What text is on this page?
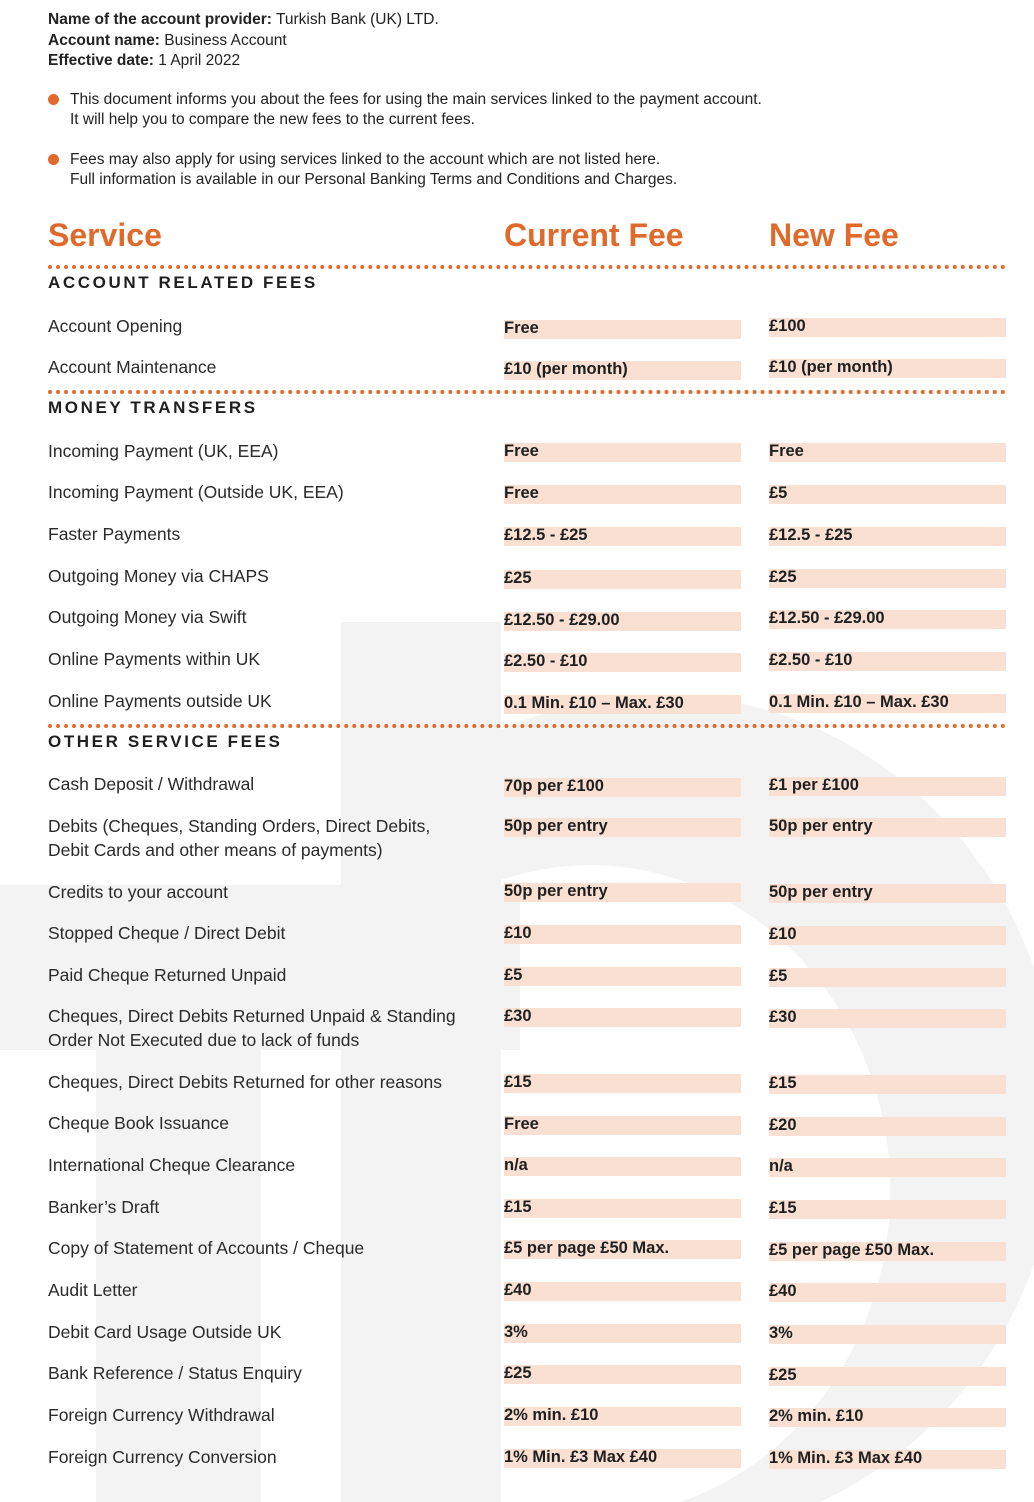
Name of the account provider: Turkish Bank (UK) LTD.
Account name: Business Account
Effective date: 1 April 2022
This document informs you about the fees for using the main services linked to the payment account.
It will help you to compare the new fees to the current fees.
Fees may also apply for using services linked to the account which are not listed here.
Full information is available in our Personal Banking Terms and Conditions and Charges.
Service	Current Fee	New Fee
ACCOUNT RELATED FEES
Account Opening	Free	£100
Account Maintenance	£10 (per month)	£10 (per month)
MONEY TRANSFERS
Incoming Payment (UK, EEA)	Free	Free
Incoming Payment (Outside UK, EEA)	Free	£5
Faster Payments	£12.5 - £25	£12.5 - £25
Outgoing Money via CHAPS	£25	£25
Outgoing Money via Swift	£12.50 - £29.00	£12.50 - £29.00
Online Payments within UK	£2.50 - £10	£2.50 - £10
Online Payments outside UK	0.1 Min. £10 – Max. £30	0.1 Min. £10 – Max. £30
OTHER SERVICE FEES
Cash Deposit / Withdrawal	70p per £100	£1 per £100
Debits (Cheques, Standing Orders, Direct Debits,
Debit Cards and other means of payments)
50p per entry	50p per entry
Credits to your account	50p per entry	50p per entry
Stopped Cheque / Direct Debit	£10	£10
Paid Cheque Returned Unpaid	£5	£5
Cheques, Direct Debits Returned Unpaid & Standing
Order Not Executed due to lack of funds
£30	£30
Cheques, Direct Debits Returned for other reasons	£15	£15
Cheque Book Issuance	Free	£20
International Cheque Clearance	n/a	n/a
Banker’s Draft	£15	£15
Copy of Statement of Accounts / Cheque	£5 per page £50 Max.	£5 per page £50 Max.
Audit Letter	£40	£40
Debit Card Usage Outside UK	3%	3%
Bank Reference / Status Enquiry	£25	£25
Foreign Currency Withdrawal	2% min. £10	2% min. £10
Foreign Currency Conversion	1% Min. £3 Max £40	1% Min. £3 Max £40
